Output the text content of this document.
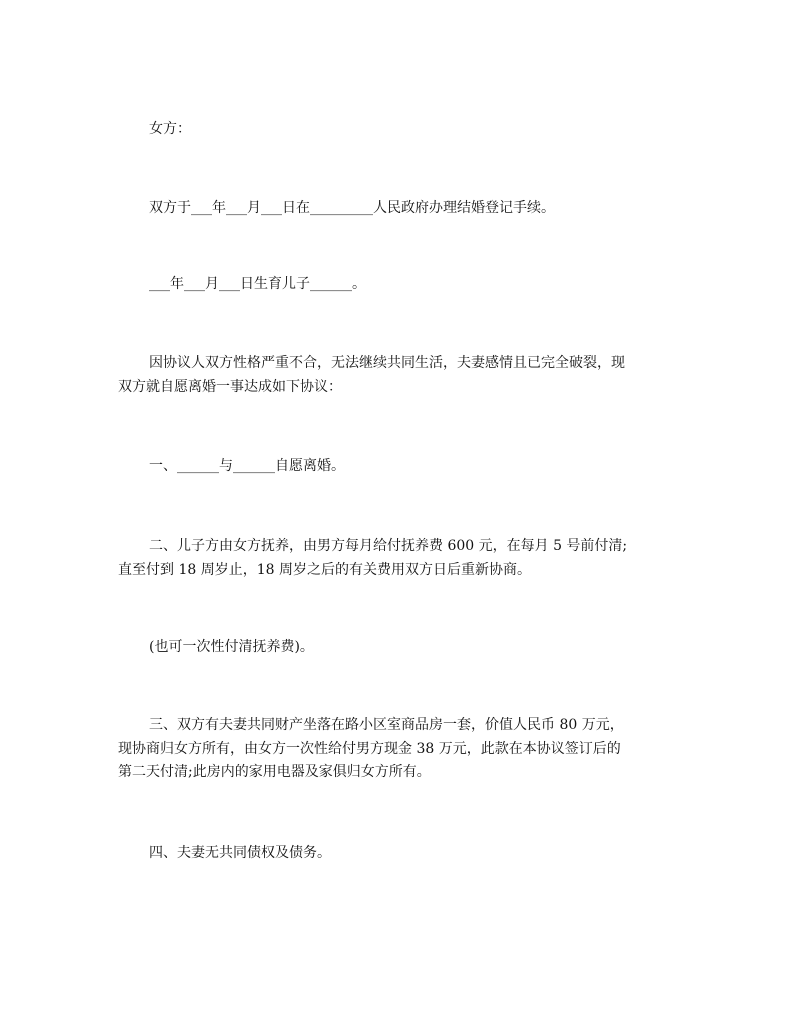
女方：

双方于___年___月___日在_________人民政府办理结婚登记手续。

___年___月___日生育儿子______。

因协议人双方性格严重不合，无法继续共同生活，夫妻感情且已完全破裂，现
双方就自愿离婚一事达成如下协议：

一、______与______自愿离婚。

二、儿子方由女方抚养，由男方每月给付抚养费 600 元，在每月 5 号前付清;
直至付到 18 周岁止，18 周岁之后的有关费用双方日后重新协商。

(也可一次性付清抚养费)。

三、双方有夫妻共同财产坐落在路小区室商品房一套，价值人民币 80 万元，
现协商归女方所有，由女方一次性给付男方现金 38 万元，此款在本协议签订后的
第二天付清;此房内的家用电器及家俱归女方所有。

四、夫妻无共同债权及债务。
